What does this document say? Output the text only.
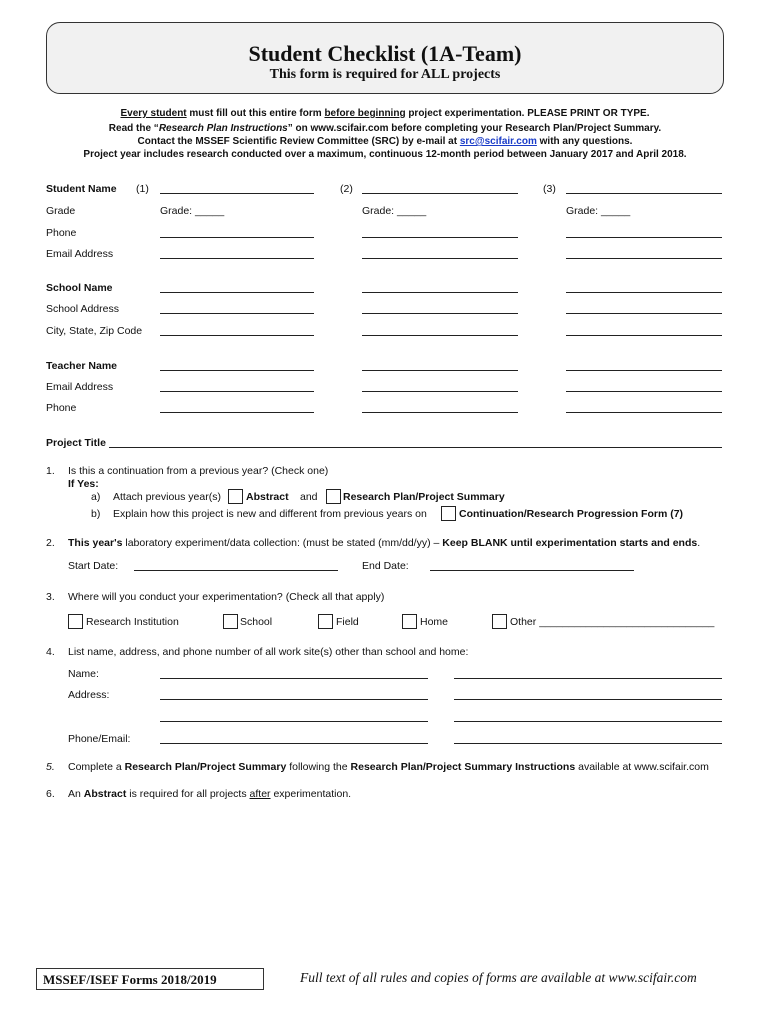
Student Checklist (1A-Team)
This form is required for ALL projects
Every student must fill out this entire form before beginning project experimentation. PLEASE PRINT OR TYPE.
Read the “Research Plan Instructions” on www.scifair.com before completing your Research Plan/Project Summary.
Contact the MSSEF Scientific Review Committee (SRC) by e-mail at src@scifair.com with any questions.
Project year includes research conducted over a maximum, continuous 12-month period between January 2017 and April 2018.
Student Name (1)	(2)	(3)
Grade	Grade: _____	Grade: _____	Grade: _____
Phone
Email Address
School Name
School Address
City, State, Zip Code
Teacher Name
Email Address
Phone
Project Title
1. Is this a continuation from a previous year? (Check one)
If Yes:
a) Attach previous year(s) Abstract and Research Plan/Project Summary
b) Explain how this project is new and different from previous years on	Continuation/Research Progression Form (7)
2. This year's laboratory experiment/data collection: (must be stated (mm/dd/yy) – Keep BLANK until experimentation starts and ends.
Start Date:	End Date:
3. Where will you conduct your experimentation? (Check all that apply)
Research Institution	School	Field	Home	Other ______________________________
4. List name, address, and phone number of all work site(s) other than school and home:
Name:
Address:
Phone/Email:
5. Complete a Research Plan/Project Summary following the Research Plan/Project Summary Instructions available at www.scifair.com
6. An Abstract is required for all projects after experimentation.
MSSEF/ISEF Forms 2018/2019	Full text of all rules and copies of forms are available at www.scifair.com
